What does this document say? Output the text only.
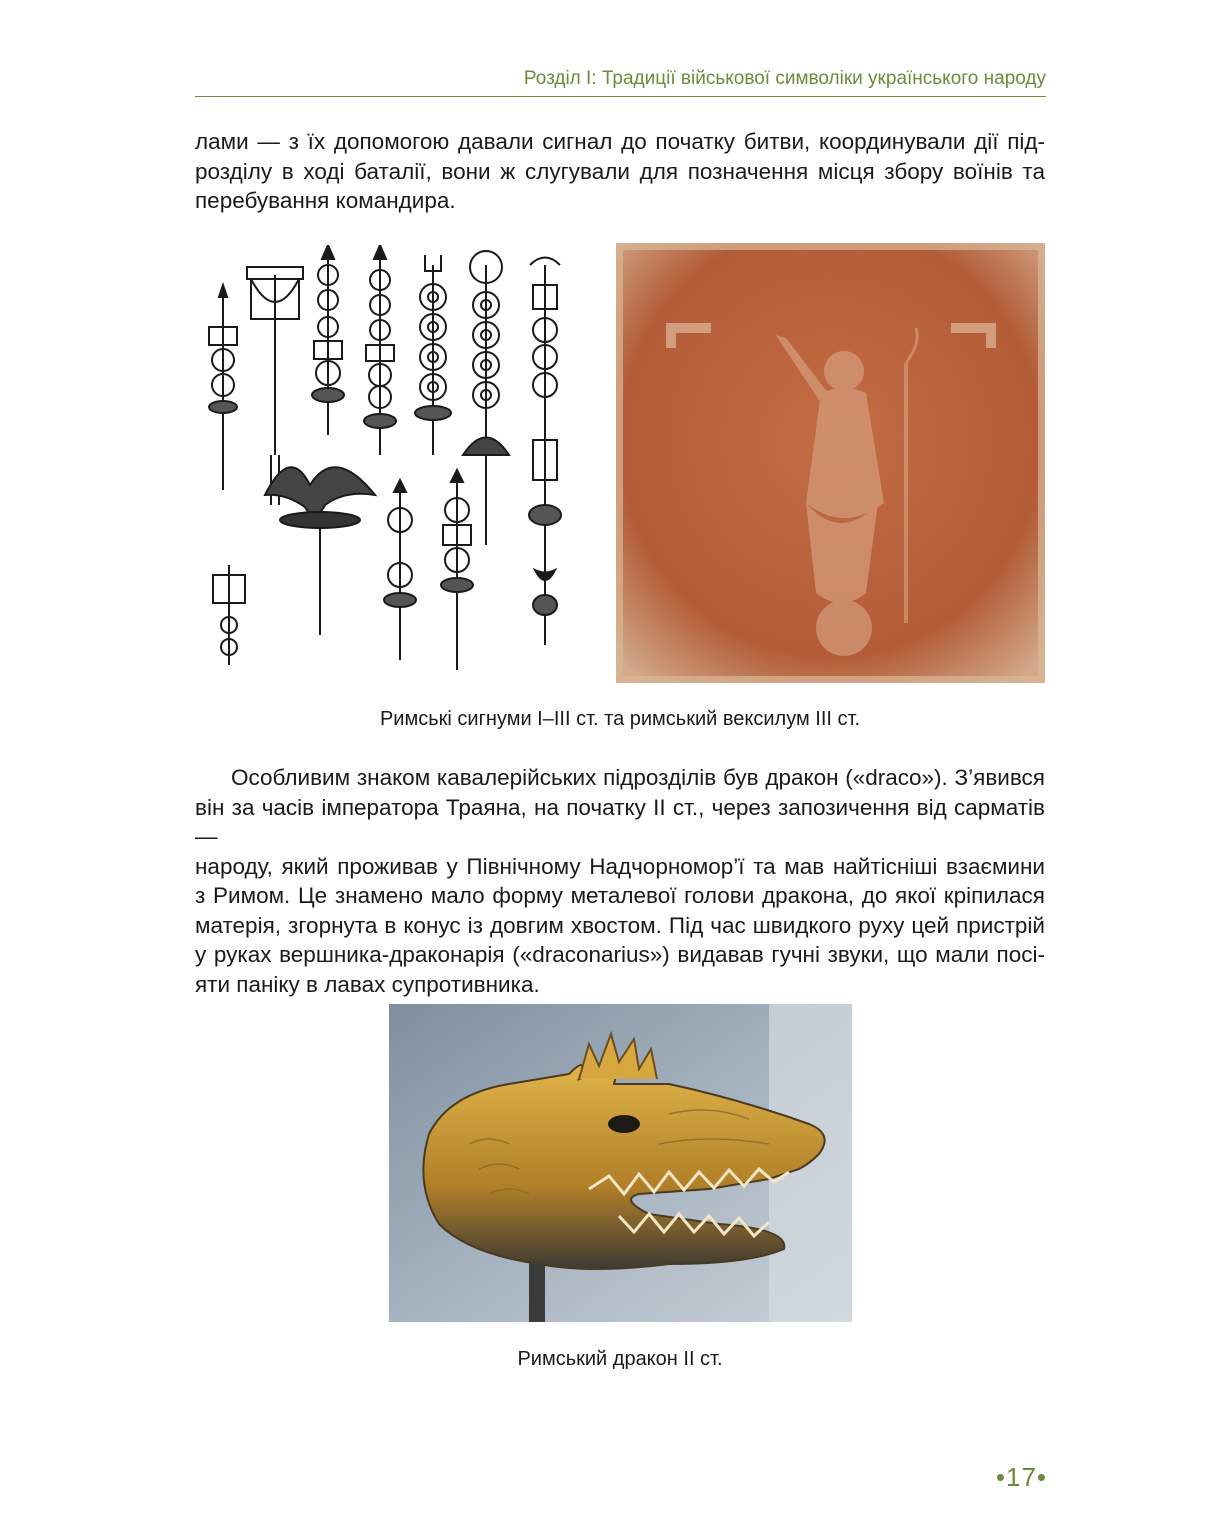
Розділ І: Традиції військової символіки українського народу
лами — з їх допомогою давали сигнал до початку битви, координували дії під-
розділу в ході баталії, вони ж слугували для позначення місця збору воїнів та
перебування командира.
Римські сигнуми І–ІІІ ст. та римський вексилум ІІІ ст.
Особливим знаком кавалерійських підрозділів був дракон («draco»). З’явився
він за часів імператора Траяна, на початку ІІ ст., через запозичення від сарматів —
народу, який проживав у Північному Надчорномор’ї та мав найтісніші взаємини
з Римом. Це знамено мало форму металевої голови дракона, до якої кріпилася
матерія, згорнута в конус із довгим хвостом. Під час швидкого руху цей пристрій
у руках вершника-драконарія («draconarius») видавав гучні звуки, що мали посі-
яти паніку в лавах супротивника.
Римський дракон ІІ ст.
•17•
